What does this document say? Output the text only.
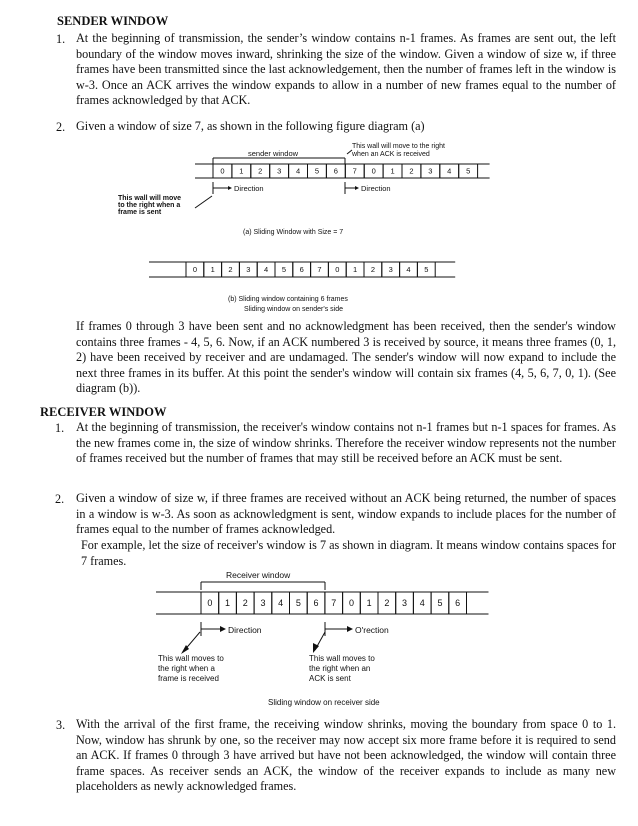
SENDER WINDOW
1. At the beginning of transmission, the sender’s window contains n-1 frames. As frames are sent out, the left boundary of the window moves inward, shrinking the size of the window. Given a window of size w, if three frames have been transmitted since the last acknowledgement, then the number of frames left in the window is w-3. Once an ACK arrives the window expands to allow in a number of new frames equal to the number of frames acknowledged by that ACK.
2. Given a window of size 7, as shown in the following figure diagram (a)
sender window
This wall will move to the right
when an ACK is received
0 1 2 3 4 5 6 7 0 1 2 3 4 5
Direction	Direction
This wall will move
to the right when a
frame is sent
(a) Sliding Window with Size = 7
0 1 2 3 4 5 6 7 0 1 2 3 4 5
(b) Sliding window containing 6 frames
Sliding window on sender's side
If frames 0 through 3 have been sent and no acknowledgment has been received, then the sender's window contains three frames - 4, 5, 6. Now, if an ACK numbered 3 is received by source, it means three frames (0, 1, 2) have been received by receiver and are undamaged. The sender's window will now expand to include the next three frames in its buffer. At this point the sender's window will contain six frames (4, 5, 6, 7, 0, 1). (See diagram (b)).
RECEIVER WINDOW
1. At the beginning of transmission, the receiver's window contains not n-1 frames but n-1 spaces for frames. As the new frames come in, the size of window shrinks. Therefore the receiver window represents not the number of frames received but the number of frames that may still be received before an ACK must be sent.
2. Given a window of size w, if three frames are received without an ACK being returned, the number of spaces in a window is w-3. As soon as acknowledgment is sent, window expands to include places for the number of frames equal to the number of frames acknowledged.
For example, let the size of receiver's window is 7 as shown in diagram. It means window contains spaces for 7 frames.
Receiver window
0 1 2 3 4 5 6 7 0 1 2 3 4 5 6
Direction	O'rection
This wall moves to
the right when a
frame is received
This wall moves to
the right when an
ACK is sent
Sliding window on receiver side
3. With the arrival of the first frame, the receiving window shrinks, moving the boundary from space 0 to 1. Now, window has shrunk by one, so the receiver may now accept six more frame before it is required to send an ACK. If frames 0 through 3 have arrived but have not been acknowledged, the window will contain three frame spaces. As receiver sends an ACK, the window of the receiver expands to include as many new placeholders as newly acknowledged frames.
